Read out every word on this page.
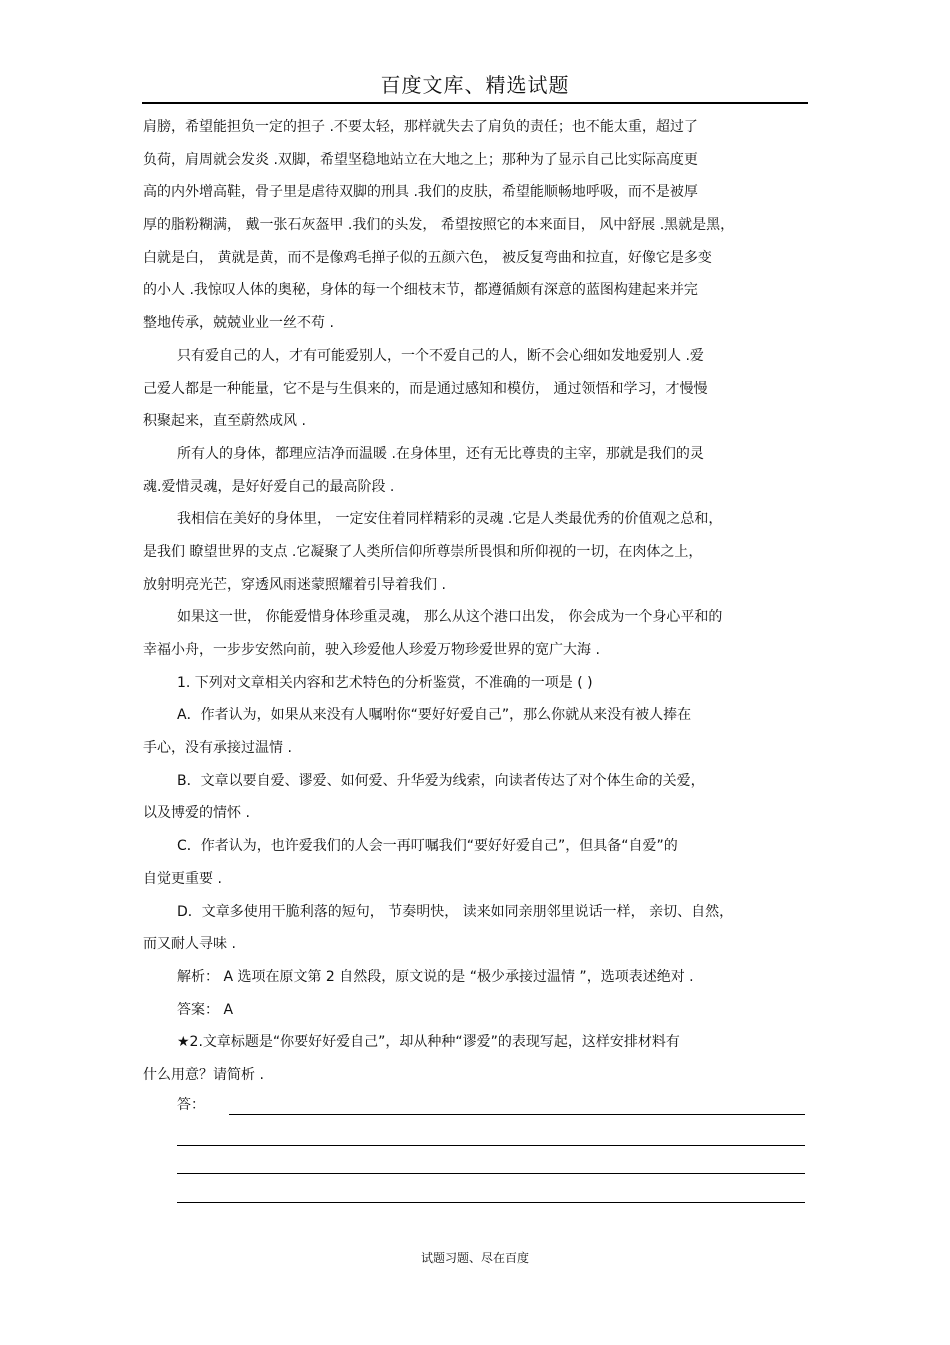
百度文库、精选试题
肩膀，希望能担负一定的担子 .不要太轻，那样就失去了肩负的责任；也不能太重，超过了
负荷，肩周就会发炎 .双脚，希望坚稳地站立在大地之上；那种为了显示自己比实际高度更
高的内外增高鞋，骨子里是虐待双脚的刑具 .我们的皮肤，希望能顺畅地呼吸，而不是被厚
厚的脂粉糊满， 戴一张石灰盔甲 .我们的头发， 希望按照它的本来面目， 风中舒展 .黑就是黑，
白就是白， 黄就是黄，而不是像鸡毛掸子似的五颜六色， 被反复弯曲和拉直，好像它是多变
的小人 .我惊叹人体的奥秘，身体的每一个细枝末节，都遵循颇有深意的蓝图构建起来并完
整地传承，兢兢业业一丝不苟 .
只有爱自己的人，才有可能爱别人，一个不爱自己的人，断不会心细如发地爱别人 .爱
己爱人都是一种能量，它不是与生俱来的，而是通过感知和模仿， 通过领悟和学习，才慢慢
积聚起来，直至蔚然成风 .
所有人的身体，都理应洁净而温暖 .在身体里，还有无比尊贵的主宰，那就是我们的灵
魂.爱惜灵魂，是好好爱自己的最高阶段 .
我相信在美好的身体里， 一定安住着同样精彩的灵魂 .它是人类最优秀的价值观之总和，
是我们 瞭望世界的支点 .它凝聚了人类所信仰所尊崇所畏惧和所仰视的一切，在肉体之上，
放射明亮光芒，穿透风雨迷蒙照耀着引导着我们 .
如果这一世， 你能爱惜身体珍重灵魂， 那么从这个港口出发， 你会成为一个身心平和的
幸福小舟，一步步安然向前，驶入珍爱他人珍爱万物珍爱世界的宽广大海 .
1. 下列对文章相关内容和艺术特色的分析鉴赏，不准确的一项是 ( )
A．作者认为，如果从来没有人嘱咐你“要好好爱自己”，那么你就从来没有被人捧在
手心，没有承接过温情 .
B．文章以要自爱、谬爱、如何爱、升华爱为线索，向读者传达了对个体生命的关爱，
以及博爱的情怀 .
C．作者认为，也许爱我们的人会一再叮嘱我们“要好好爱自己”，但具备“自爱”的
自觉更重要 .
D．文章多使用干脆利落的短句， 节奏明快， 读来如同亲朋邻里说话一样， 亲切、自然，
而又耐人寻味 .
解析： A 选项在原文第 2 自然段，原文说的是 “极少承接过温情 ”，选项表述绝对 .
答案： A
★2.文章标题是“你要好好爱自己”，却从种种“谬爱”的表现写起，这样安排材料有
什么用意？请简析 .
答：
试题习题、尽在百度
